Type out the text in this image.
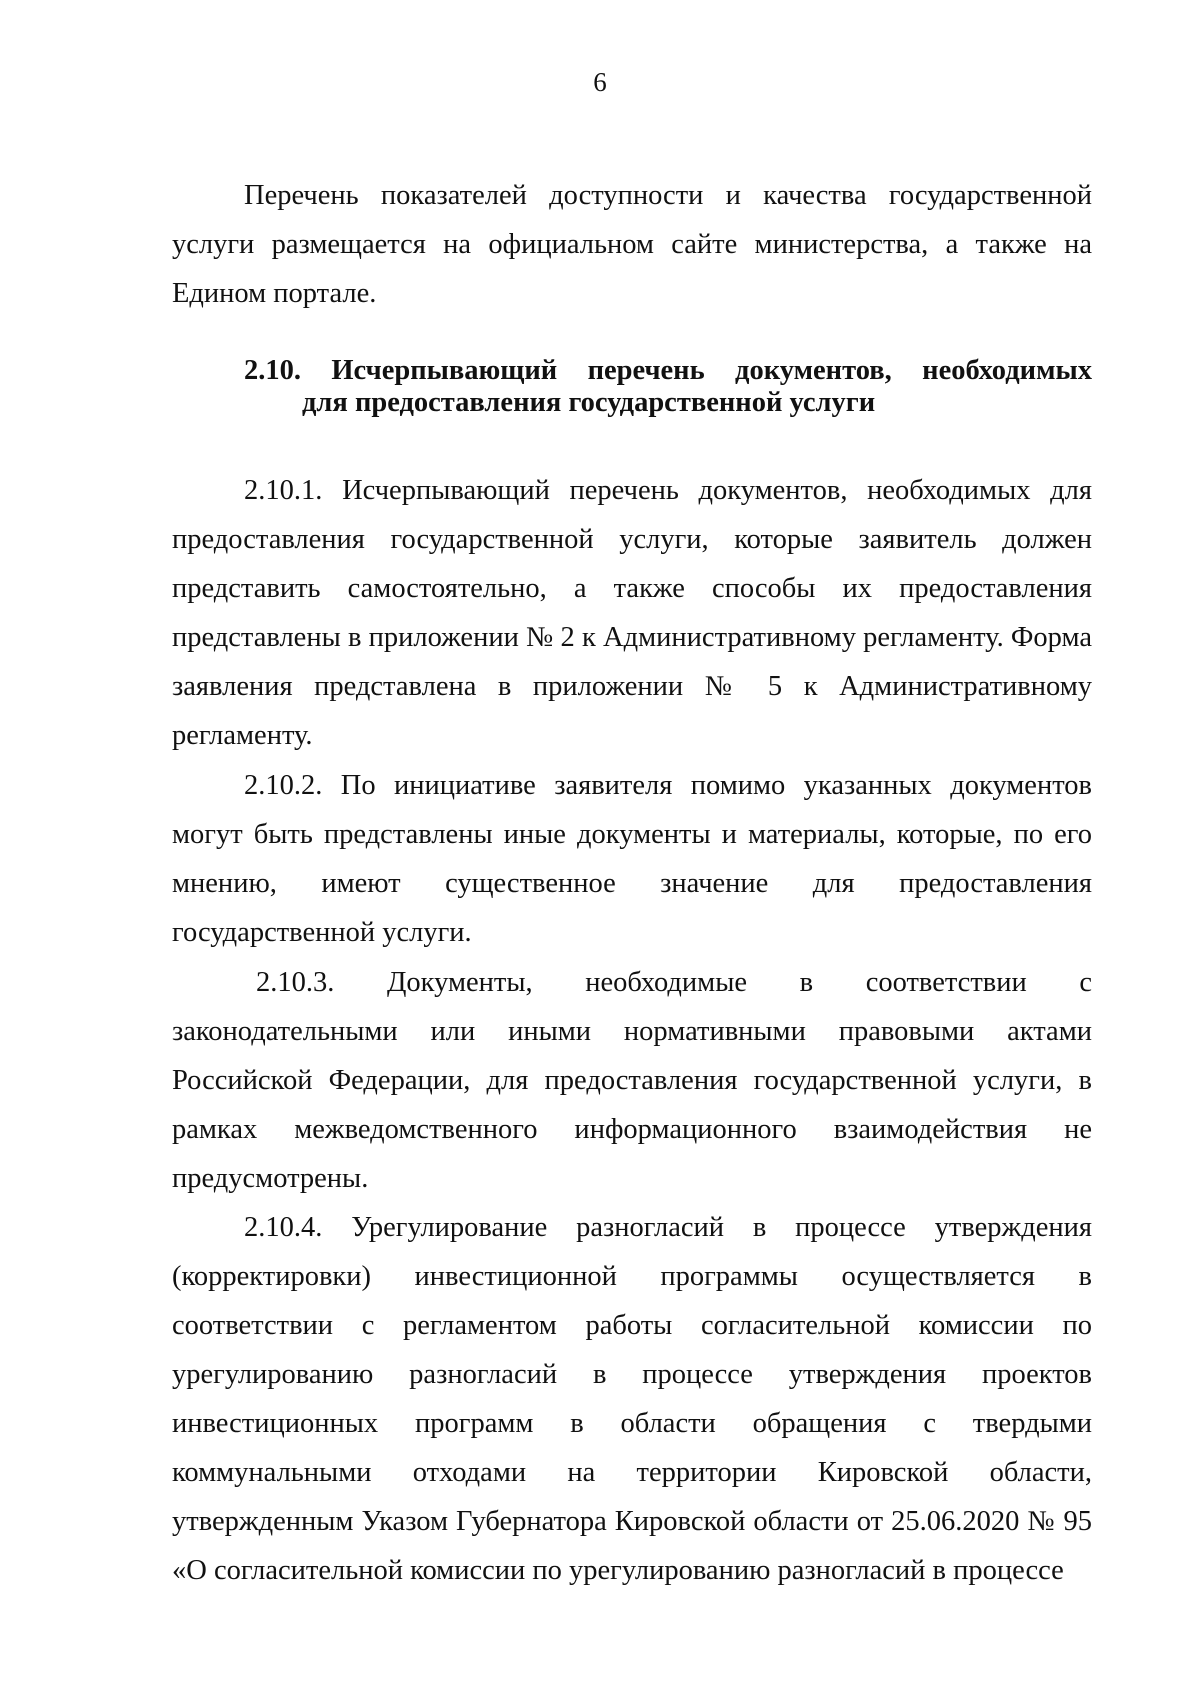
6

Перечень показателей доступности и качества государственной услуги размещается на официальном сайте министерства, а также на Едином портале.

2.10. Исчерпывающий перечень документов, необходимых
для предоставления государственной услуги

2.10.1. Исчерпывающий перечень документов, необходимых для предоставления государственной услуги, которые заявитель должен представить самостоятельно, а также способы их предоставления представлены в приложении № 2 к Административному регламенту. Форма заявления представлена в приложении № 5 к Административному регламенту.

2.10.2. По инициативе заявителя помимо указанных документов могут быть представлены иные документы и материалы, которые, по его мнению, имеют существенное значение для предоставления государственной услуги.

2.10.3. Документы, необходимые в соответствии с законодательными или иными нормативными правовыми актами Российской Федерации, для предоставления государственной услуги, в рамках межведомственного информационного взаимодействия не предусмотрены.

2.10.4. Урегулирование разногласий в процессе утверждения (корректировки) инвестиционной программы осуществляется в соответствии с регламентом работы согласительной комиссии по урегулированию разногласий в процессе утверждения проектов инвестиционных программ в области обращения с твердыми коммунальными отходами на территории Кировской области, утвержденным Указом Губернатора Кировской области от 25.06.2020 № 95 «О согласительной комиссии по урегулированию разногласий в процессе
